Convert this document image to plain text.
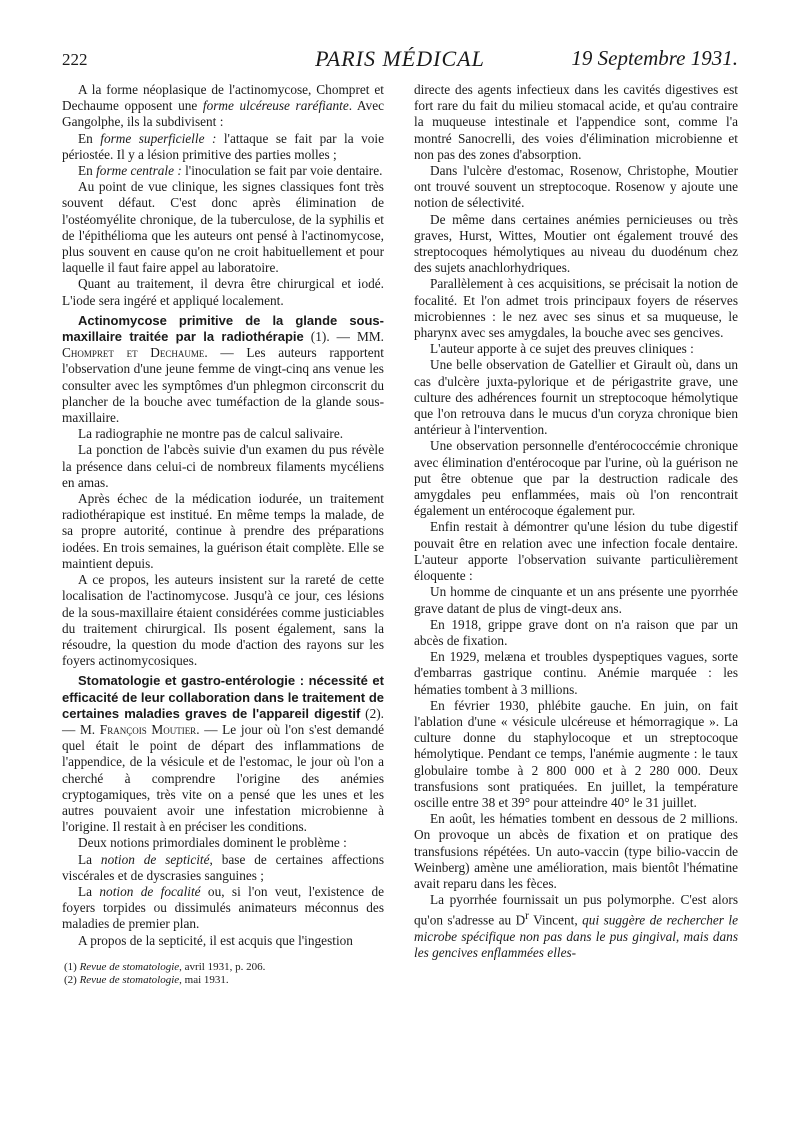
222	PARIS MÉDICAL	19 Septembre 1931.

A la forme néoplasique de l'actinomycose, Chompret et Dechaume opposent une forme ulcéreuse raréfiante. Avec Gangolphe, ils la subdivisent :

En forme superficielle : l'attaque se fait par la voie périostée. Il y a lésion primitive des parties molles ;

En forme centrale : l'inoculation se fait par voie dentaire.

Au point de vue clinique, les signes classiques font très souvent défaut. C'est donc après élimination de l'ostéomyélite chronique, de la tuberculose, de la syphilis et de l'épithélioma que les auteurs ont pensé à l'actinomycose, plus souvent en cause qu'on ne croit habituellement et pour laquelle il faut faire appel au laboratoire.

Quant au traitement, il devra être chirurgical et iodé. L'iode sera ingéré et appliqué localement.

Actinomycose primitive de la glande sous-maxillaire traitée par la radiothérapie (1). — MM. Chompret et Dechaume. — Les auteurs rapportent l'observation d'une jeune femme de vingt-cinq ans venue les consulter avec les symptômes d'un phlegmon circonscrit du plancher de la bouche avec tuméfaction de la glande sous-maxillaire.

La radiographie ne montre pas de calcul salivaire.

La ponction de l'abcès suivie d'un examen du pus révèle la présence dans celui-ci de nombreux filaments mycéliens en amas.

Après échec de la médication iodurée, un traitement radiothérapique est institué. En même temps la malade, de sa propre autorité, continue à prendre des préparations iodées. En trois semaines, la guérison était complète. Elle se maintient depuis.

A ce propos, les auteurs insistent sur la rareté de cette localisation de l'actinomycose. Jusqu'à ce jour, ces lésions de la sous-maxillaire étaient considérées comme justiciables du traitement chirurgical. Ils posent également, sans la résoudre, la question du mode d'action des rayons sur les foyers actinomycosiques.

Stomatologie et gastro-entérologie : nécessité et efficacité de leur collaboration dans le traitement de certaines maladies graves de l'appareil digestif (2). — M. François Moutier. — Le jour où l'on s'est demandé quel était le point de départ des inflammations de l'appendice, de la vésicule et de l'estomac, le jour où l'on a cherché à comprendre l'origine des anémies cryptogamiques, très vite on a pensé que les unes et les autres pouvaient avoir une infestation microbienne à l'origine. Il restait à en préciser les conditions.

Deux notions primordiales dominent le problème :

La notion de septicité, base de certaines affections viscérales et de dyscrasies sanguines ;

La notion de focalité ou, si l'on veut, l'existence de foyers torpides ou dissimulés animateurs méconnus des maladies de premier plan.

A propos de la septicité, il est acquis que l'ingestion

(1) Revue de stomatologie, avril 1931, p. 206.

(2) Revue de stomatologie, mai 1931.

directe des agents infectieux dans les cavités digestives est fort rare du fait du milieu stomacal acide, et qu'au contraire la muqueuse intestinale et l'appendice sont, comme l'a montré Sanocrelli, des voies d'élimination microbienne et non pas des zones d'absorption.

Dans l'ulcère d'estomac, Rosenow, Christophe, Moutier ont trouvé souvent un streptocoque. Rosenow y ajoute une notion de sélectivité.

De même dans certaines anémies pernicieuses ou très graves, Hurst, Wittes, Moutier ont également trouvé des streptocoques hémolytiques au niveau du duodénum chez des sujets anachlorhydriques.

Parallèlement à ces acquisitions, se précisait la notion de focalité. Et l'on admet trois principaux foyers de réserves microbiennes : le nez avec ses sinus et sa muqueuse, le pharynx avec ses amygdales, la bouche avec ses gencives.

L'auteur apporte à ce sujet des preuves cliniques :

Une belle observation de Gatellier et Girault où, dans un cas d'ulcère juxta-pylorique et de périgastrite grave, une culture des adhérences fournit un streptocoque hémolytique que l'on retrouva dans le mucus d'un coryza chronique bien antérieur à l'intervention.

Une observation personnelle d'entérococcémie chronique avec élimination d'entérocoque par l'urine, où la guérison ne put être obtenue que par la destruction radicale des amygdales peu enflammées, mais où l'on rencontrait également un entérocoque également pur.

Enfin restait à démontrer qu'une lésion du tube digestif pouvait être en relation avec une infection focale dentaire. L'auteur apporte l'observation suivante particulièrement éloquente :

Un homme de cinquante et un ans présente une pyorrhée grave datant de plus de vingt-deux ans.

En 1918, grippe grave dont on n'a raison que par un abcès de fixation.

En 1929, melæna et troubles dyspeptiques vagues, sorte d'embarras gastrique continu. Anémie marquée : les hématies tombent à 3 millions.

En février 1930, phlébite gauche. En juin, on fait l'ablation d'une « vésicule ulcéreuse et hémorragique ». La culture donne du staphylocoque et un streptocoque hémolytique. Pendant ce temps, l'anémie augmente : le taux globulaire tombe à 2 800 000 et à 2 280 000. Deux transfusions sont pratiquées. En juillet, la température oscille entre 38 et 39° pour atteindre 40° le 31 juillet.

En août, les hématies tombent en dessous de 2 millions. On provoque un abcès de fixation et on pratique des transfusions répétées. Un auto-vaccin (type bilio-vaccin de Weinberg) amène une amélioration, mais bientôt l'hématine avait reparu dans les fèces.

La pyorrhée fournissait un pus polymorphe. C'est alors qu'on s'adresse au $D^r$ Vincent, qui suggère de rechercher le microbe spécifique non pas dans le pus gingival, mais dans les gencives enflammées elles-
